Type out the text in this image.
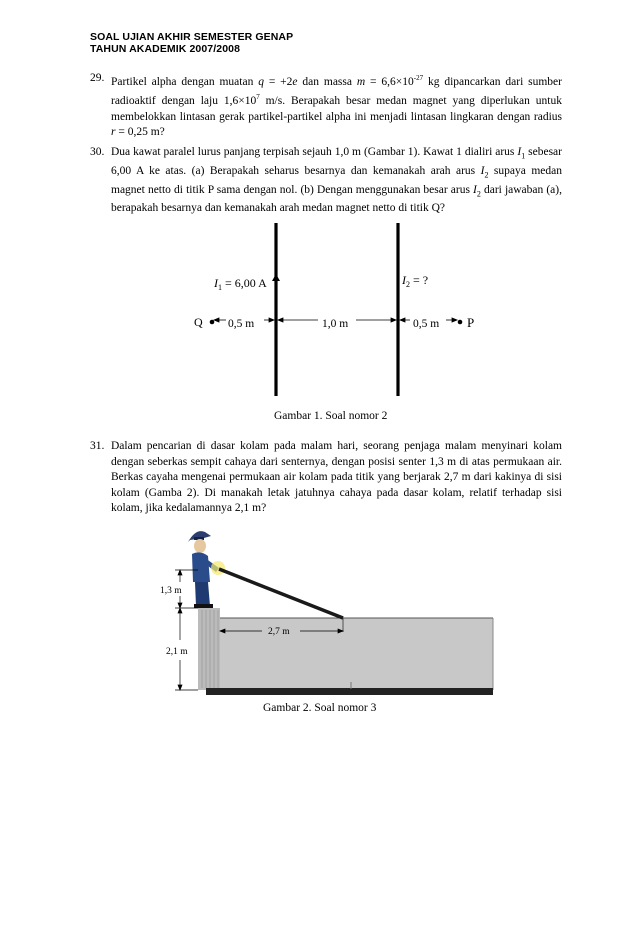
SOAL UJIAN AKHIR SEMESTER GENAP
TAHUN AKADEMIK 2007/2008
29. Partikel alpha dengan muatan q = +2e dan massa $m = 6,6\times 10^{-27}$ kg dipancarkan dari sumber radioaktif dengan laju $1,6\times 10^7$ m/s. Berapakah besar medan magnet yang diperlukan untuk membelokkan lintasan gerak partikel-partikel alpha ini menjadi lintasan lingkaran dengan radius r = 0,25 m?

30. Dua kawat paralel lurus panjang terpisah sejauh 1,0 m (Gambar 1). Kawat 1 dialiri arus $I_1$ sebesar 6,00 A ke atas. (a) Berapakah seharus besarnya dan kemanakah arah arus $I_2$ supaya medan magnet netto di titik P sama dengan nol. (b) Dengan menggunakan besar arus $I_2$ dari jawaban (a), berapakah besarnya dan kemanakah arah medan magnet netto di titik Q?

$I_1 = 6,00$ A	$I_2$ = ?
Q	P
0,5 m	1,0 m	0,5 m
Gambar 1. Soal nomor 2
31. Dalam pencarian di dasar kolam pada malam hari, seorang penjaga malam menyinari kolam dengan seberkas sempit cahaya dari senternya, dengan posisi senter 1,3 m di atas permukaan air. Berkas cayaha mengenai permukaan air kolam pada titik yang berjarak 2,7 m dari kakinya di sisi kolam (Gamba 2). Di manakah letak jatuhnya cahaya pada dasar kolam, relatif terhadap sisi kolam, jika kedalamannya 2,1 m?

1,3 m
2,1 m
2,7 m
Gambar 2. Soal nomor 3
